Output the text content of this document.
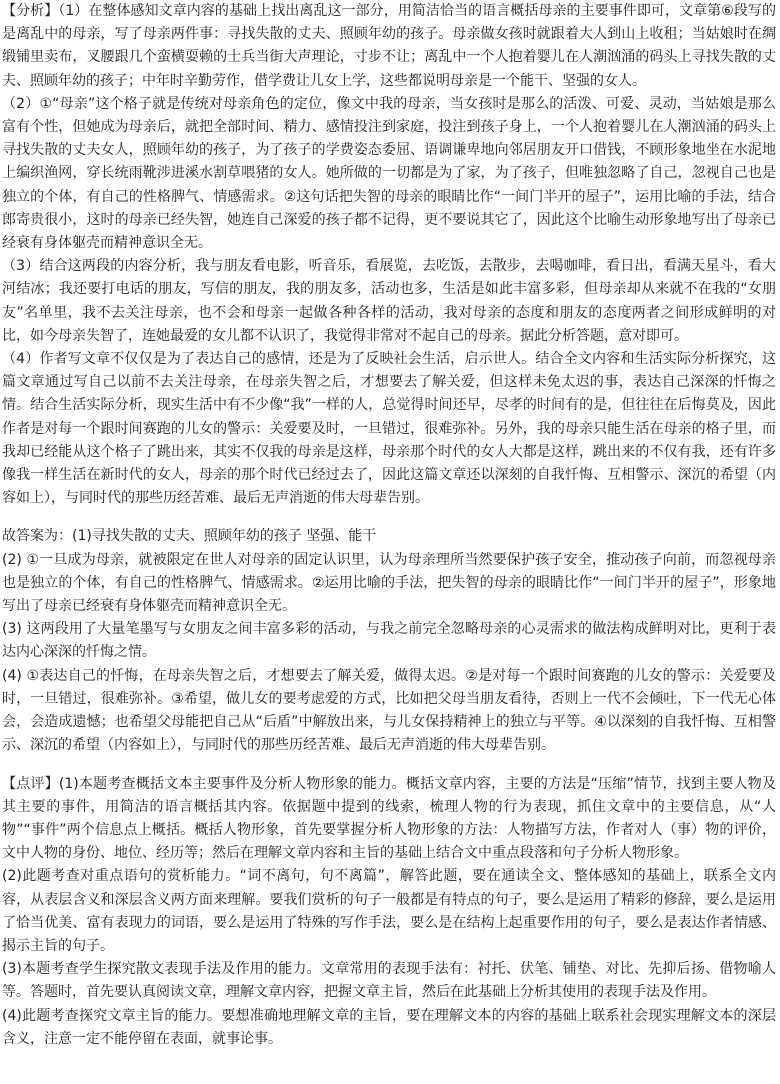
【分析】（1）在整体感知文章内容的基础上找出离乱这一部分，用简洁恰当的语言概括母亲的主要事件即可，文章第⑥段写的是离乱中的母亲，写了母亲两件事：寻找失散的丈夫、照顾年幼的孩子。母亲做女孩时就跟着大人到山上收租；当姑娘时在绸缎铺里卖布，叉腰跟几个蛮横耍赖的士兵当街大声理论，寸步不让；离乱中一个人抱着婴儿在人潮汹涌的码头上寻找失散的丈夫、照顾年幼的孩子；中年时辛勤劳作，借学费让儿女上学，这些都说明母亲是一个能干、坚强的女人。

（2）①“母亲”这个格子就是传统对母亲角色的定位，像文中我的母亲，当女孩时是那么的活泼、可爱、灵动，当姑娘是那么富有个性，但她成为母亲后，就把全部时间、精力、感情投注到家庭，投注到孩子身上，一个人抱着婴儿在人潮汹涌的码头上寻找失散的丈夫女人，照顾年幼的孩子，为了孩子的学费姿态委屈、语调谦卑地向邻居朋友开口借钱，不顾形象地坐在水泥地上编织渔网，穿长统雨靴涉进溪水割草喂猪的女人。她所做的一切都是为了家，为了孩子，但唯独忽略了自己，忽视自己也是独立的个体，有自己的性格脾气、情感需求。②这句话把失智的母亲的眼睛比作“一间门半开的屋子”，运用比喻的手法，结合郎寄贵很小，这时的母亲已经失智，她连自己深爱的孩子都不记得，更不要说其它了，因此这个比喻生动形象地写出了母亲已经衰有身体躯壳而精神意识全无。

（3）结合这两段的内容分析，我与朋友看电影，听音乐，看展览，去吃饭，去散步，去喝咖啡，看日出，看满天星斗，看大河结冰；我还要打电话的朋友，写信的朋友，我的朋友多，活动也多，生活是如此丰富多彩，但母亲却从来就不在我的“女朋友”名单里，我不去关注母亲，也不会和母亲一起做各种各样的活动，我对母亲的态度和朋友的态度两者之间形成鲜明的对比，如今母亲失智了，连她最爱的女儿都不认识了，我觉得非常对不起自己的母亲。据此分析答题，意对即可。

（4）作者写文章不仅仅是为了表达自己的感情，还是为了反映社会生活，启示世人。结合全文内容和生活实际分析探究，这篇文章通过写自己以前不去关注母亲，在母亲失智之后，才想要去了解关爱，但这样未免太迟的事，表达自己深深的忏悔之情。结合生活实际分析，现实生活中有不少像“我”一样的人，总觉得时间还早，尽孝的时间有的是，但往往在后悔莫及，因此作者是对每一个跟时间赛跑的儿女的警示：关爱要及时，一旦错过，很难弥补。另外，我的母亲只能生活在母亲的格子里，而我却已经能从这个格子了跳出来，其实不仅我的母亲是这样，母亲那个时代的女人大都是这样，跳出来的不仅有我，还有许多像我一样生活在新时代的女人，母亲的那个时代已经过去了，因此这篇文章还以深刻的自我忏悔、互相警示、深沉的希望（内容如上），与同时代的那些历经苦难、最后无声消逝的伟大母辈告别。

故答案为：(1)寻找失散的丈夫、照顾年幼的孩子 坚强、能干

(2) ①一旦成为母亲，就被限定在世人对母亲的固定认识里，认为母亲理所当然要保护孩子安全，推动孩子向前，而忽视母亲也是独立的个体，有自己的性格脾气、情感需求。②运用比喻的手法，把失智的母亲的眼睛比作“一间门半开的屋子”，形象地写出了母亲已经衰有身体躯壳而精神意识全无。

(3) 这两段用了大量笔墨写与女朋友之间丰富多彩的活动，与我之前完全忽略母亲的心灵需求的做法构成鲜明对比，更利于表达内心深深的忏悔之情。

(4) ①表达自己的忏悔，在母亲失智之后，才想要去了解关爱，做得太迟。②是对每一个跟时间赛跑的儿女的警示：关爱要及时，一旦错过，很难弥补。③希望，做儿女的要考虑爱的方式，比如把父母当朋友看待，否则上一代不会倾吐，下一代无心体会，会造成遗憾；也希望父母能把自己从“后盾”中解放出来，与儿女保持精神上的独立与平等。④以深刻的自我忏悔、互相警示、深沉的希望（内容如上），与同时代的那些历经苦难、最后无声消逝的伟大母辈告别。

【点评】(1)本题考查概括文本主要事件及分析人物形象的能力。概括文章内容，主要的方法是“压缩”情节，找到主要人物及其主要的事件，用简洁的语言概括其内容。依据题中提到的线索，梳理人物的行为表现，抓住文章中的主要信息，从“人物”“事件”两个信息点上概括。概括人物形象，首先要掌握分析人物形象的方法：人物描写方法，作者对人（事）物的评价，文中人物的身份、地位、经历等；然后在理解文章内容和主旨的基础上结合文中重点段落和句子分析人物形象。

(2)此题考查对重点语句的赏析能力。“词不离句，句不离篇”，解答此题，要在通读全文、整体感知的基础上，联系全文内容，从表层含义和深层含义两方面来理解。要我们赏析的句子一般都是有特点的句子，要么是运用了精彩的修辞，要么是运用了恰当优美、富有表现力的词语，要么是运用了特殊的写作手法，要么是在结构上起重要作用的句子，要么是表达作者情感、揭示主旨的句子。

(3)本题考查学生探究散文表现手法及作用的能力。文章常用的表现手法有：衬托、伏笔、铺垫、对比、先抑后扬、借物喻人等。答题时，首先要认真阅读文章，理解文章内容，把握文章主旨，然后在此基础上分析其使用的表现手法及作用。

(4)此题考查探究文章主旨的能力。要想准确地理解文章的主旨，要在理解文本的内容的基础上联系社会现实理解文本的深层含义，注意一定不能停留在表面，就事论事。
